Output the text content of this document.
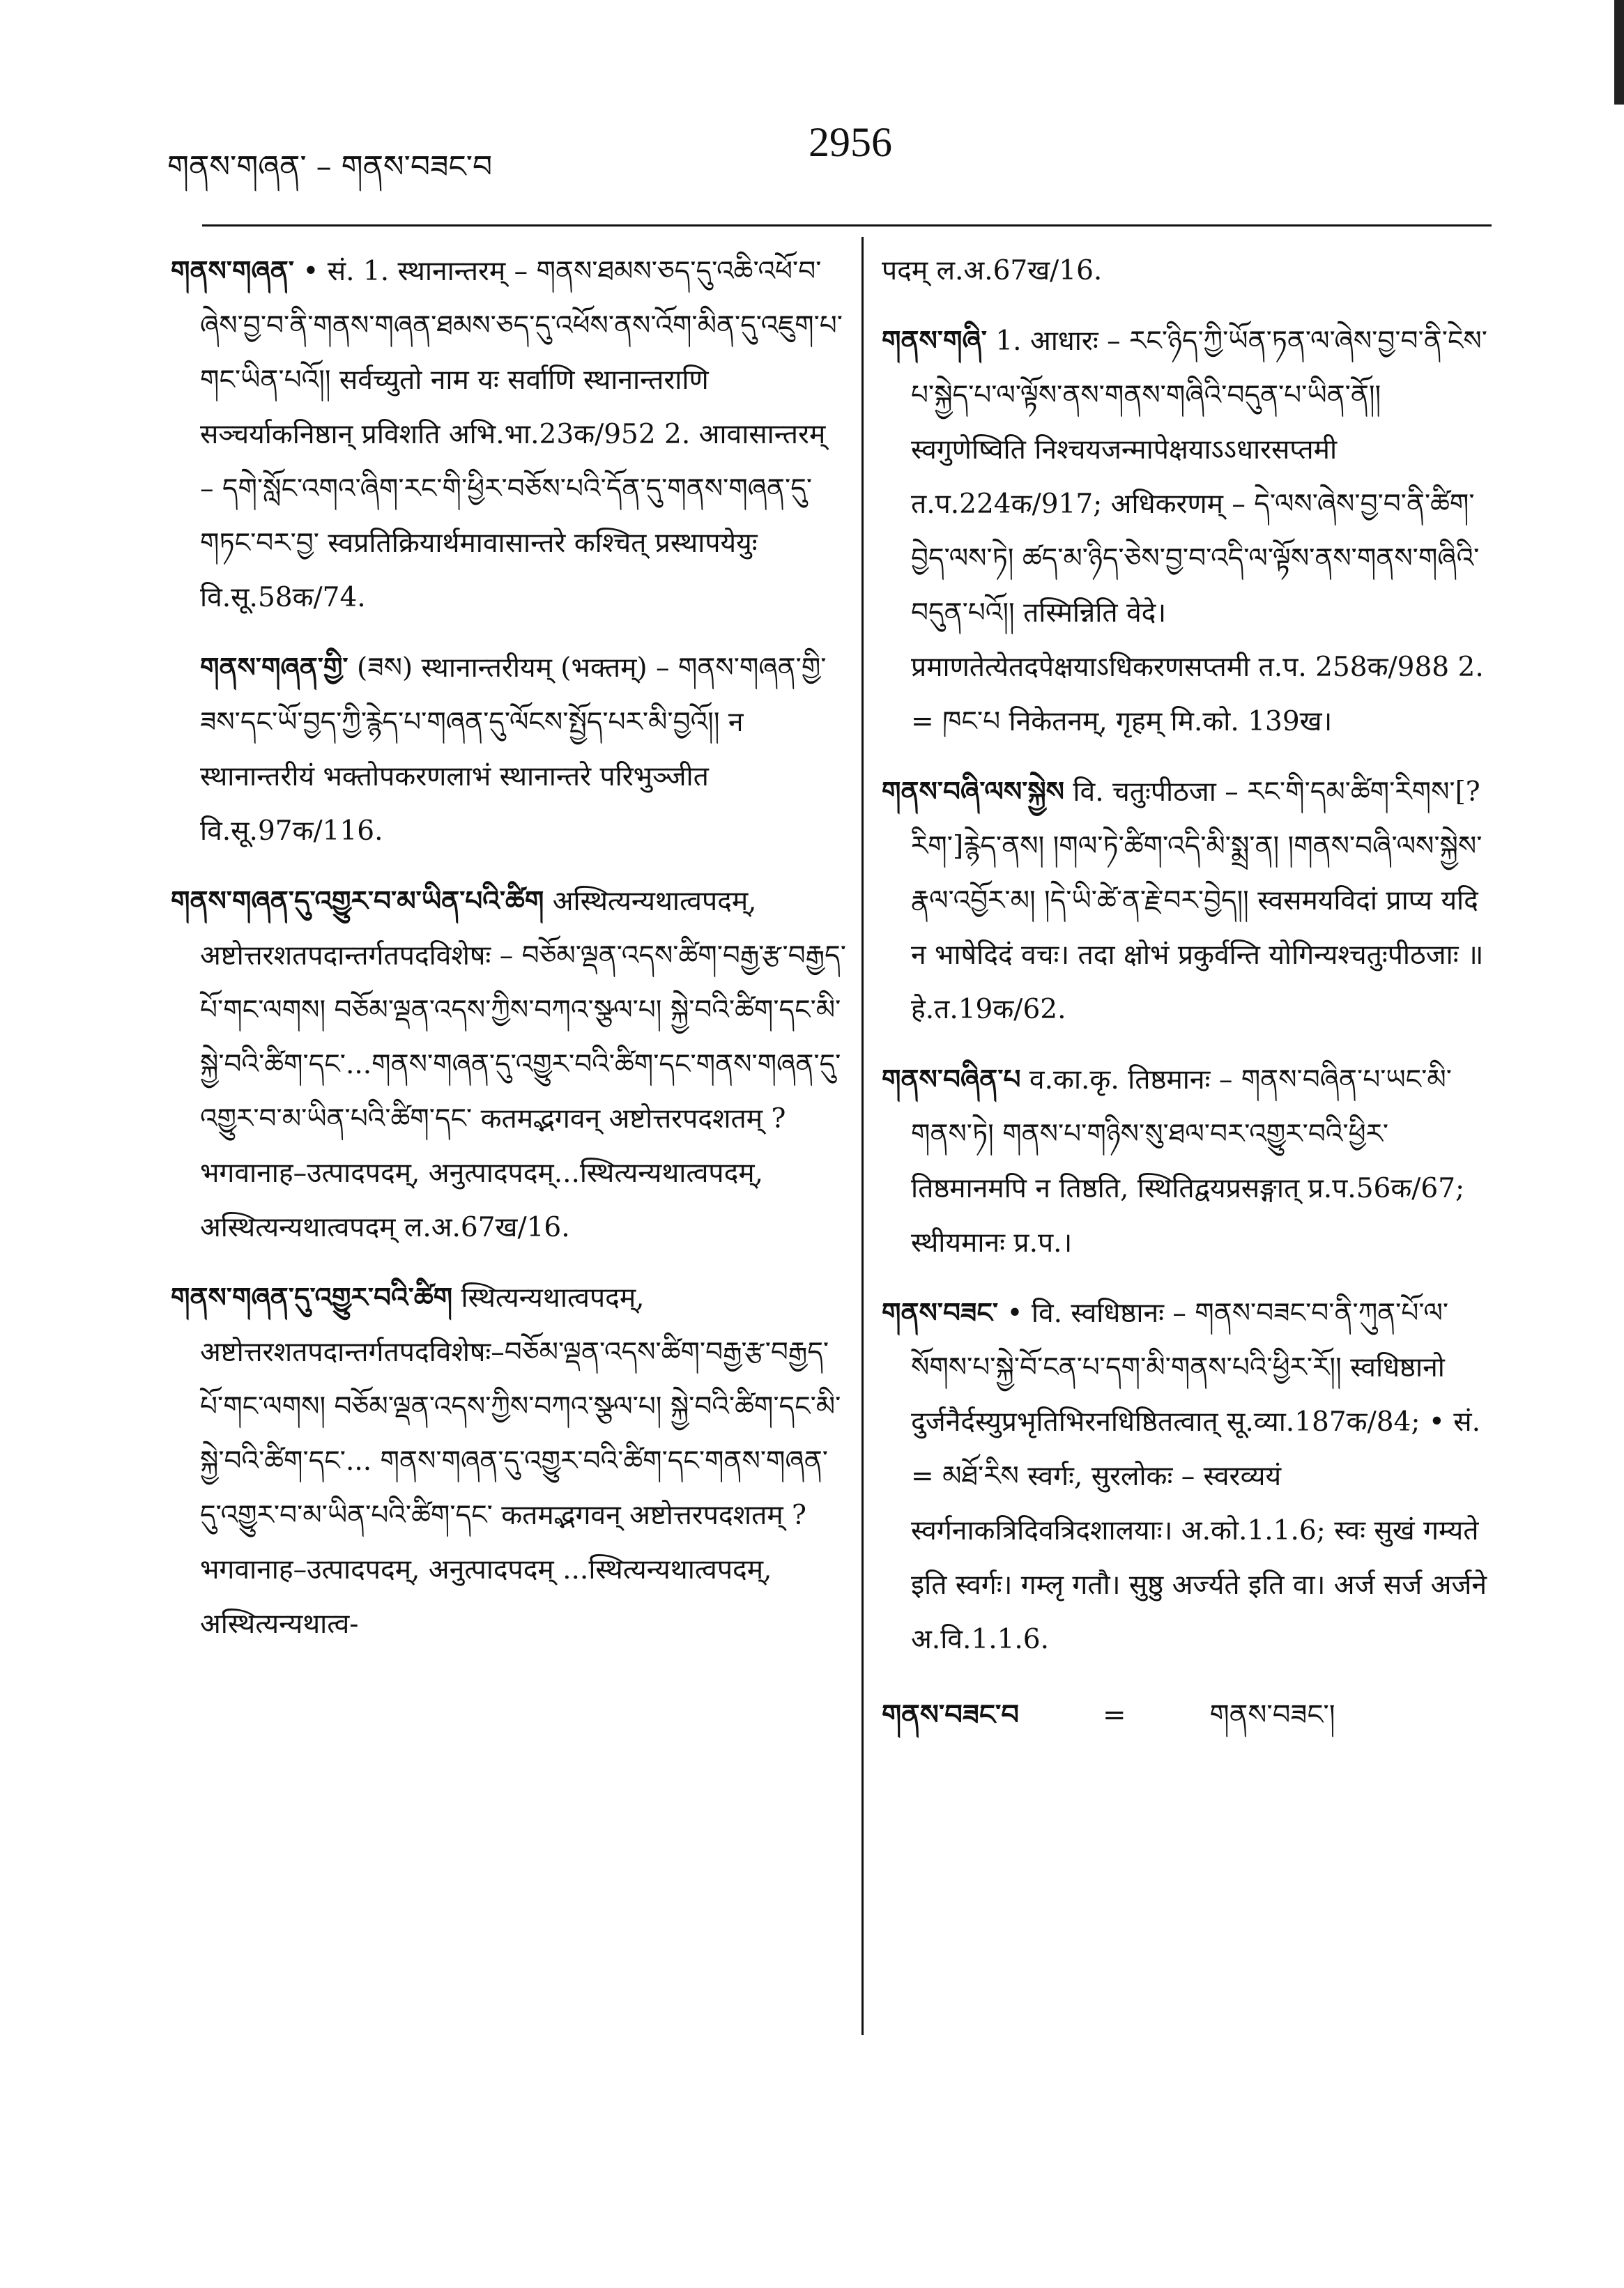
གནས་གཞན་ – གནས་བཟང་བ
2956

གནས་གཞན་ • सं. 1. स्थानान्तरम् – གནས་ཐམས་ཅད་དུ་འཆི་འཕོ་བ་ཞེས་བྱ་བ་ནི་གནས་གཞན་ཐམས་ཅད་དུ་འཕོས་ནས་འོག་མིན་དུ་འཇུག་པ་གང་ཡིན་པའོ།། सर्वच्युतो नाम यः सर्वाणि स्थानान्तराणि सञ्चर्याकनिष्ठान् प्रविशति अभि.भा.23क/952 2. आवासान्तरम् – དགེ་སློང་འགའ་ཞིག་རང་གི་ཕྱིར་བཅོས་པའི་དོན་དུ་གནས་གཞན་དུ་གཏང་བར་བྱ་ स्वप्रतिक्रियार्थमावासान्तरे कश्चित् प्रस्थापयेयुः वि.सू.58क/74.

གནས་གཞན་གྱི་ (ཟས) स्थानान्तरीयम् (भक्तम्) – གནས་གཞན་གྱི་ཟས་དང་ཡོ་བྱད་ཀྱི་རྙེད་པ་གཞན་དུ་ལོངས་སྤྱོད་པར་མི་བྱའོ།། न स्थानान्तरीयं भक्तोपकरणलाभं स्थानान्तरे परिभुञ्जीत वि.सू.97क/116.

གནས་གཞན་དུ་འགྱུར་བ་མ་ཡིན་པའི་ཚིག अस्थित्यन्यथात्वपदम्, अष्टोत्तरशतपदान्तर्गतपदविशेषः – བཅོམ་ལྡན་འདས་ཚིག་བརྒྱ་རྩ་བརྒྱད་པོ་གང་ལགས། བཅོམ་ལྡན་འདས་ཀྱིས་བཀའ་སྩལ་པ། སྐྱེ་བའི་ཚིག་དང་མི་སྐྱེ་བའི་ཚིག་དང་...གནས་གཞན་དུ་འགྱུར་བའི་ཚིག་དང་གནས་གཞན་དུ་འགྱུར་བ་མ་ཡིན་པའི་ཚིག་དང་ कतमद्भगवन् अष्टोत्तरपदशतम् ? भगवानाह–उत्पादपदम्, अनुत्पादपदम्...स्थित्यन्यथात्वपदम्, अस्थित्यन्यथात्वपदम् ल.अ.67ख/16.

གནས་གཞན་དུ་འགྱུར་བའི་ཚིག स्थित्यन्यथात्वपदम्, अष्टोत्तरशतपदान्तर्गतपदविशेषः–བཅོམ་ལྡན་འདས་ཚིག་བརྒྱ་རྩ་བརྒྱད་པོ་གང་ལགས། བཅོམ་ལྡན་འདས་ཀྱིས་བཀའ་སྩལ་པ། སྐྱེ་བའི་ཚིག་དང་མི་སྐྱེ་བའི་ཚིག་དང་... གནས་གཞན་དུ་འགྱུར་བའི་ཚིག་དང་གནས་གཞན་དུ་འགྱུར་བ་མ་ཡིན་པའི་ཚིག་དང་ कतमद्भगवन् अष्टोत्तरपदशतम् ? भगवानाह–उत्पादपदम्, अनुत्पादपदम् ...स्थित्यन्यथात्वपदम्, अस्थित्यन्यथात्व-

पदम् ल.अ.67ख/16.

གནས་གཞི་ 1. आधारः – རང་ཉིད་ཀྱི་ཡོན་ཏན་ལ་ཞེས་བྱ་བ་ནི་ངེས་པ་སྐྱེད་པ་ལ་ལྟོས་ནས་གནས་གཞིའི་བདུན་པ་ཡིན་ནོ།། स्वगुणेष्विति निश्चयजन्मापेक्षयाऽऽधारसप्तमी त.प.224क/917; अधिकरणम् – དེ་ལས་ཞེས་བྱ་བ་ནི་ཚིག་བྱེད་ལས་ཏེ། ཚད་མ་ཉིད་ཅེས་བྱ་བ་འདི་ལ་ལྟོས་ནས་གནས་གཞིའི་བདུན་པའོ།། तस्मिन्निति वेदे। प्रमाणतेत्येतदपेक्षयाऽधिकरणसप्तमी त.प. 258क/988 2. = ཁང་པ निकेतनम्, गृहम् मि.को. 139ख।

གནས་བཞི་ལས་སྐྱེས वि. चतुःपीठजा – རང་གི་དམ་ཚིག་རིགས་[? རིག་]རྙེད་ནས། །གལ་ཏེ་ཚིག་འདི་མི་སྨྲ་ན། །གནས་བཞི་ལས་སྐྱེས་རྣལ་འབྱོར་མ། །དེ་ཡི་ཚེ་ན་རྗེ་བར་བྱེད།། स्वसमयविदां प्राप्य यदि न भाषेदिदं वचः। तदा क्षोभं प्रकुर्वन्ति योगिन्यश्चतुःपीठजाः ॥ हे.त.19क/62.

གནས་བཞིན་པ व.का.कृ. तिष्ठमानः – གནས་བཞིན་པ་ཡང་མི་གནས་ཏེ། གནས་པ་གཉིས་སུ་ཐལ་བར་འགྱུར་བའི་ཕྱིར་ तिष्ठमानमपि न तिष्ठति, स्थितिद्वयप्रसङ्गात् प्र.प.56क/67; स्थीयमानः प्र.प.।

གནས་བཟང་ • वि. स्वधिष्ठानः – གནས་བཟང་བ་ནི་ཀུན་པོ་ལ་སོགས་པ་སྐྱེ་བོ་ངན་པ་དག་མི་གནས་པའི་ཕྱིར་རོ།། स्वधिष्ठानो दुर्जनैर्दस्युप्रभृतिभिरनधिष्ठितत्वात् सू.व्या.187क/84; • सं. = མཐོ་རིས स्वर्गः, सुरलोकः – स्वरव्ययं स्वर्गनाकत्रिदिवत्रिदशालयाः। अ.को.1.1.6; स्वः सुखं गम्यते इति स्वर्गः। गम्लृ गतौ। सुष्ठु अर्ज्यते इति वा। अर्ज सर्ज अर्जने अ.वि.1.1.6.

གནས་བཟང་བ	=	གནས་བཟང་།
